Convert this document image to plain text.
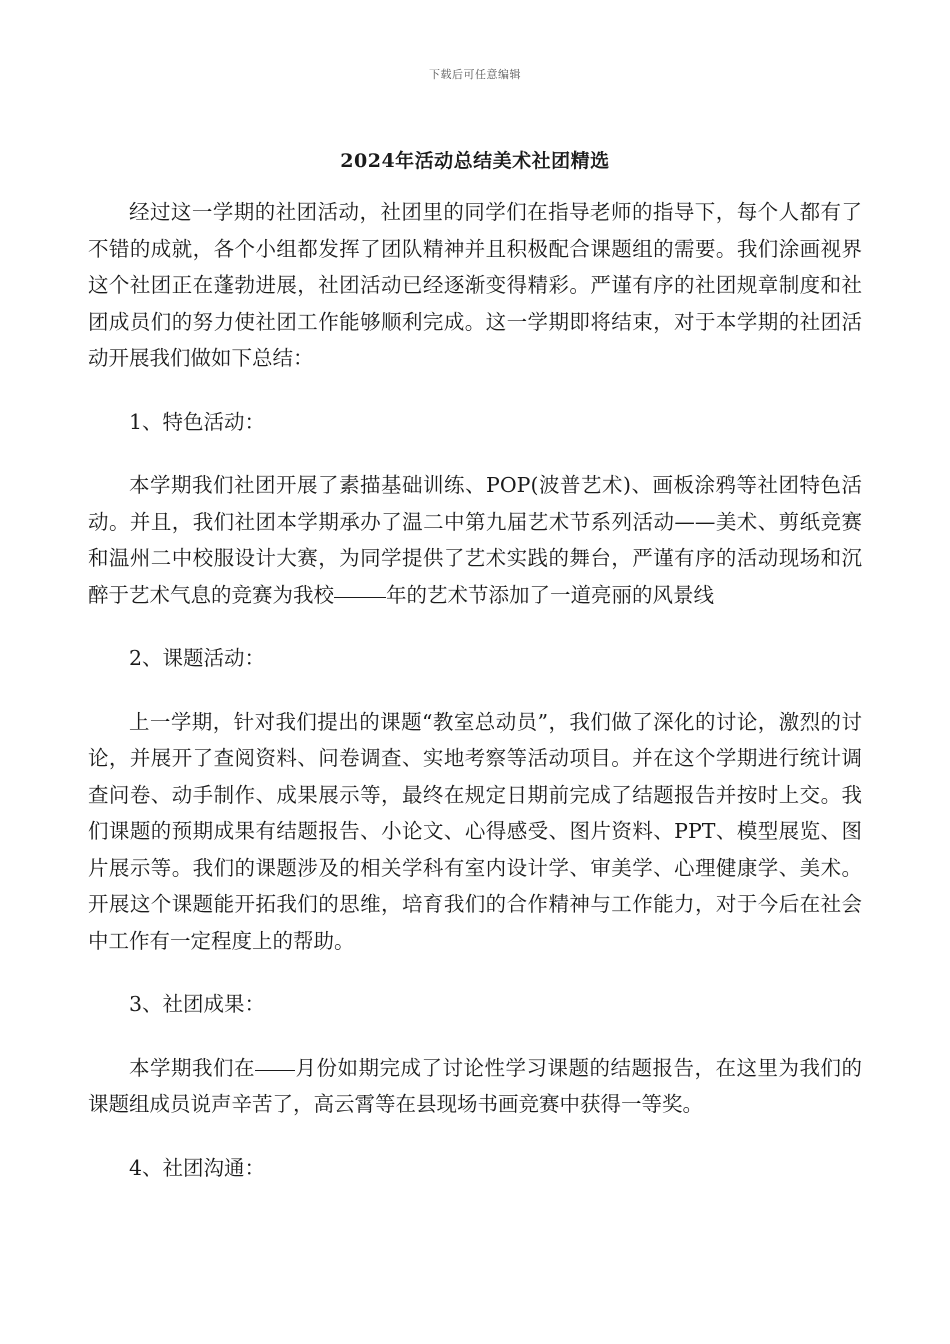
下载后可任意编辑
2024年活动总结美术社团精选

经过这一学期的社团活动，社团里的同学们在指导老师的指导下，每个人都有了不错的成就，各个小组都发挥了团队精神并且积极配合课题组的需要。我们涂画视界这个社团正在蓬勃进展，社团活动已经逐渐变得精彩。严谨有序的社团规章制度和社团成员们的努力使社团工作能够顺利完成。这一学期即将结束，对于本学期的社团活动开展我们做如下总结：

1、特色活动：

本学期我们社团开展了素描基础训练、POP(波普艺术)、画板涂鸦等社团特色活动。并且，我们社团本学期承办了温二中第九届艺术节系列活动——美术、剪纸竞赛和温州二中校服设计大赛，为同学提供了艺术实践的舞台，严谨有序的活动现场和沉醉于艺术气息的竞赛为我校	年的艺术节添加了一道亮丽的风景线

2、课题活动：

上一学期，针对我们提出的课题“教室总动员”，我们做了深化的讨论，激烈的讨论，并展开了查阅资料、问卷调查、实地考察等活动项目。并在这个学期进行统计调查问卷、动手制作、成果展示等，最终在规定日期前完成了结题报告并按时上交。我们课题的预期成果有结题报告、小论文、心得感受、图片资料、PPT、模型展览、图片展示等。我们的课题涉及的相关学科有室内设计学、审美学、心理健康学、美术。开展这个课题能开拓我们的思维，培育我们的合作精神与工作能力，对于今后在社会中工作有一定程度上的帮助。

3、社团成果：

本学期我们在 月份如期完成了讨论性学习课题的结题报告，在这里为我们的课题组成员说声辛苦了，高云霄等在县现场书画竞赛中获得一等奖。

4、社团沟通：
